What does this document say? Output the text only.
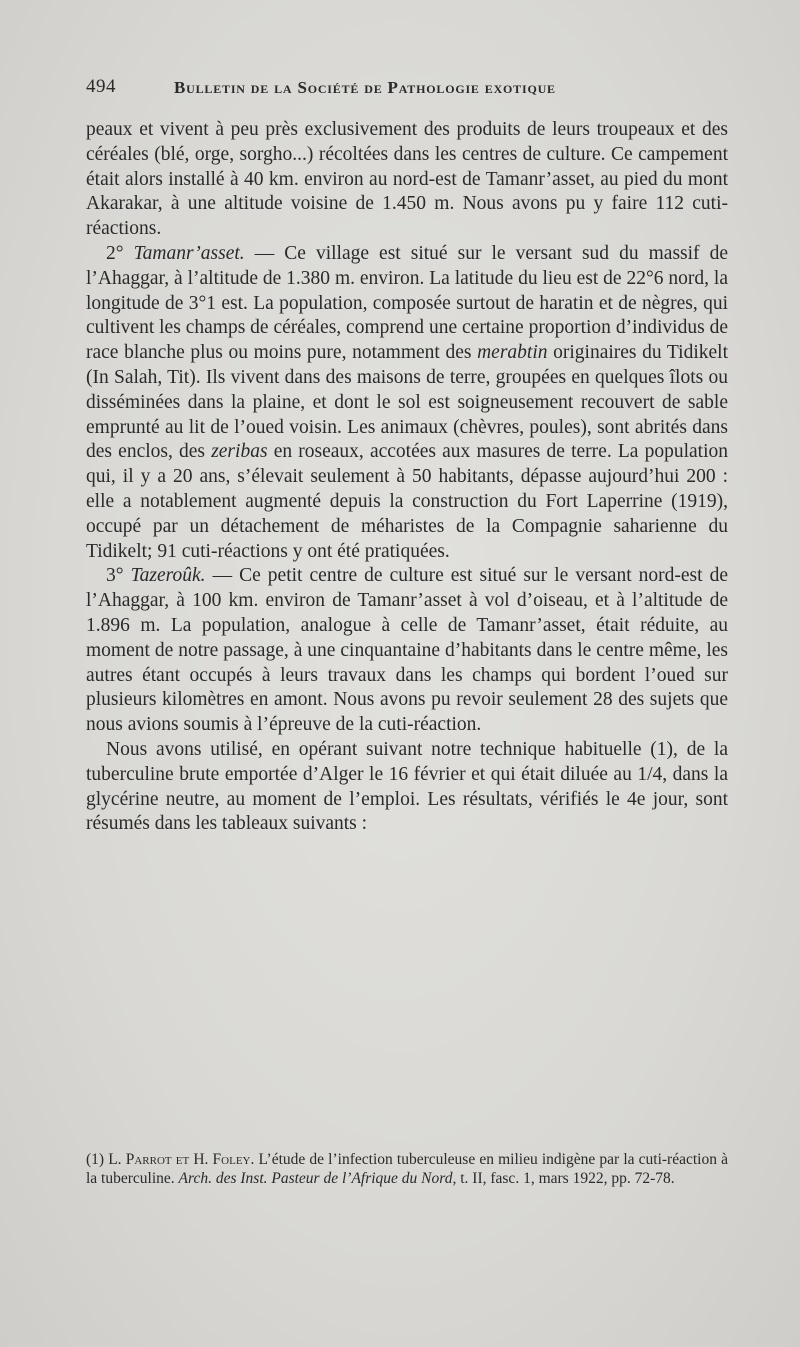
494	Bulletin de la Société de Pathologie exotique

peaux et vivent à peu près exclusivement des produits de leurs troupeaux et des céréales (blé, orge, sorgho...) récoltées dans les centres de culture. Ce campement était alors installé à 40 km. environ au nord-est de Tamanr’asset, au pied du mont Akarakar, à une altitude voisine de 1.450 m. Nous avons pu y faire 112 cuti-réactions.

2° Tamanr’asset. — Ce village est situé sur le versant sud du massif de l’Ahaggar, à l’altitude de 1.380 m. environ. La latitude du lieu est de 22°6 nord, la longitude de 3°1 est. La population, composée surtout de haratin et de nègres, qui cultivent les champs de céréales, comprend une certaine proportion d’individus de race blanche plus ou moins pure, notamment des merabtin originaires du Tidikelt (In Salah, Tit). Ils vivent dans des maisons de terre, groupées en quelques îlots ou disséminées dans la plaine, et dont le sol est soigneusement recouvert de sable emprunté au lit de l’oued voisin. Les animaux (chèvres, poules), sont abrités dans des enclos, des zeribas en roseaux, accotées aux masures de terre. La population qui, il y a 20 ans, s’élevait seulement à 50 habitants, dépasse aujourd’hui 200 : elle a notablement augmenté depuis la construction du Fort Laperrine (1919), occupé par un détachement de méharistes de la Compagnie saharienne du Tidikelt; 91 cuti-réactions y ont été pratiquées.

3° Tazeroûk. — Ce petit centre de culture est situé sur le versant nord-est de l’Ahaggar, à 100 km. environ de Tamanr’asset à vol d’oiseau, et à l’altitude de 1.896 m. La population, analogue à celle de Tamanr’asset, était réduite, au moment de notre passage, à une cinquantaine d’habitants dans le centre même, les autres étant occupés à leurs travaux dans les champs qui bordent l’oued sur plusieurs kilomètres en amont. Nous avons pu revoir seulement 28 des sujets que nous avions soumis à l’épreuve de la cuti-réaction.

Nous avons utilisé, en opérant suivant notre technique habituelle (1), de la tuberculine brute emportée d’Alger le 16 février et qui était diluée au 1/4, dans la glycérine neutre, au moment de l’emploi. Les résultats, vérifiés le 4e jour, sont résumés dans les tableaux suivants :

(1) L. Parrot et H. Foley. L’étude de l’infection tuberculeuse en milieu indigène par la cuti-réaction à la tuberculine. Arch. des Inst. Pasteur de l’Afrique du Nord, t. II, fasc. 1, mars 1922, pp. 72-78.
